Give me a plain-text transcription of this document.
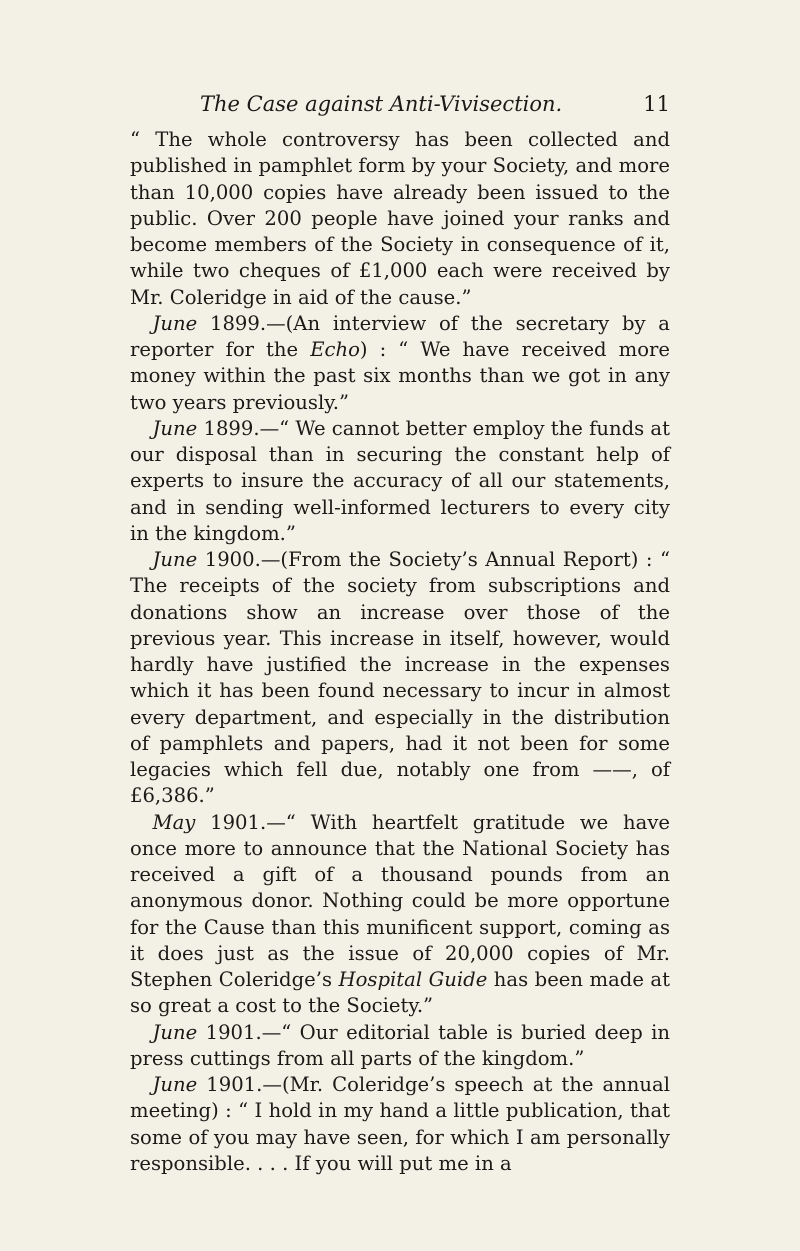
The Case against Anti-Vivisection.	11

“ The whole controversy has been collected and published in pamphlet form by your Society, and more than 10,000 copies have already been issued to the public. Over 200 people have joined your ranks and become members of the Society in consequence of it, while two cheques of £1,000 each were received by Mr. Coleridge in aid of the cause.”

June 1899.—(An interview of the secretary by a reporter for the Echo) : “ We have received more money within the past six months than we got in any two years previously.”

June 1899.—“ We cannot better employ the funds at our disposal than in securing the constant help of experts to insure the accuracy of all our statements, and in sending well-informed lecturers to every city in the kingdom.”

June 1900.—(From the Society’s Annual Report) : “ The receipts of the society from subscriptions and donations show an increase over those of the previous year. This increase in itself, however, would hardly have justified the increase in the expenses which it has been found necessary to incur in almost every department, and especially in the distribution of pamphlets and papers, had it not been for some legacies which fell due, notably one from ——, of £6,386.”

May 1901.—“ With heartfelt gratitude we have once more to announce that the National Society has received a gift of a thousand pounds from an anonymous donor. Nothing could be more opportune for the Cause than this munificent support, coming as it does just as the issue of 20,000 copies of Mr. Stephen Coleridge’s Hospital Guide has been made at so great a cost to the Society.”

June 1901.—“ Our editorial table is buried deep in press cuttings from all parts of the kingdom.”

June 1901.—(Mr. Coleridge’s speech at the annual meeting) : “ I hold in my hand a little publication, that some of you may have seen, for which I am personally responsible. . . . If you will put me in a
